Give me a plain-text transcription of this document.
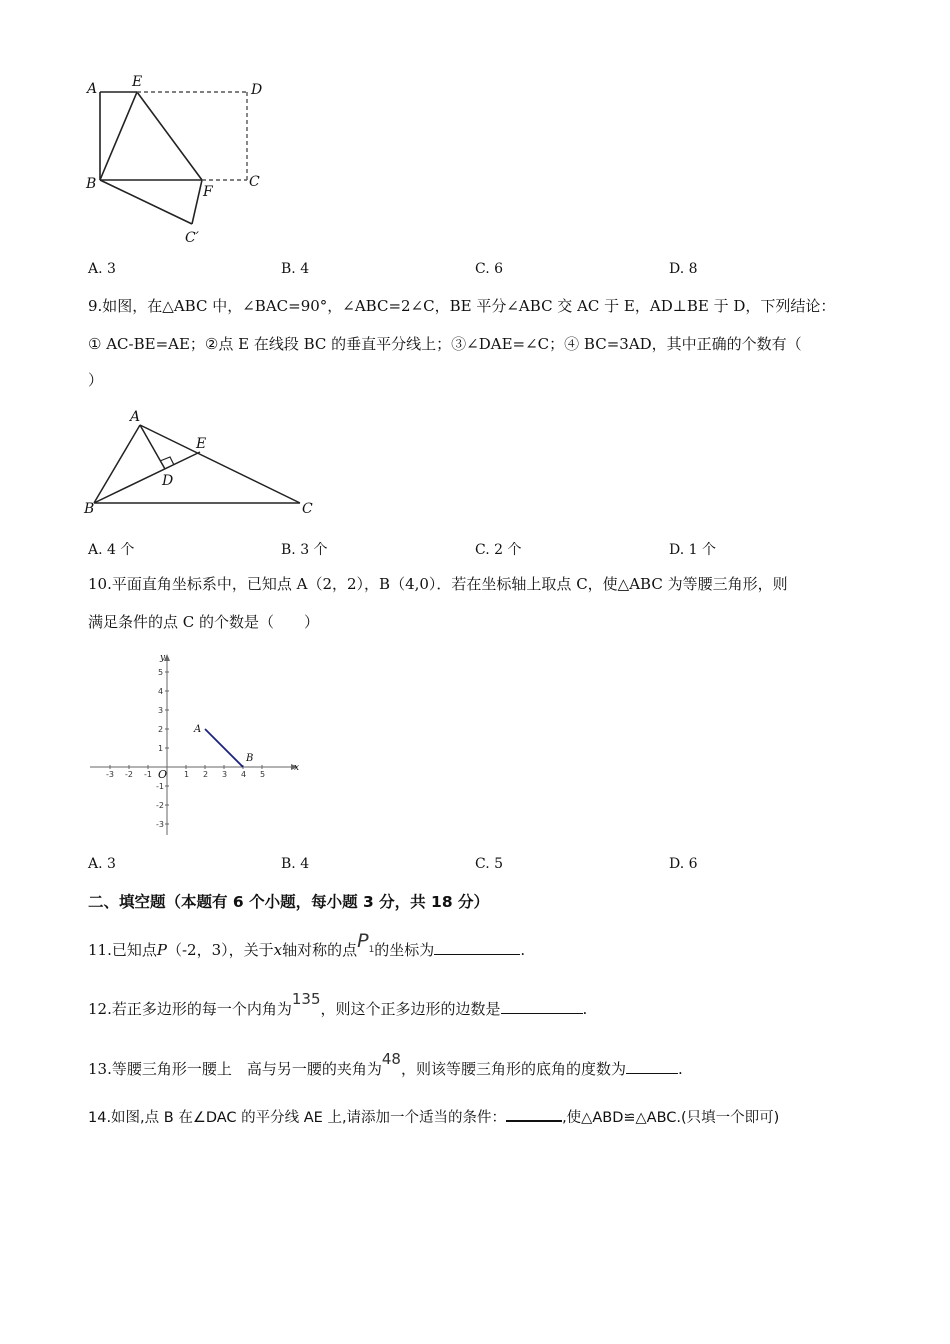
A E	D
B	F
C
C′
A. 3	B. 4	C. 6	D. 8
9.如图，在△ABC 中，∠BAC=90°，∠ABC=2∠C，BE 平分∠ABC 交 AC 于 E，AD⊥BE 于 D，下列结论：
① AC-BE=AE；②点 E 在线段 BC 的垂直平分线上；③∠DAE=∠C；④ BC=3AD，其中正确的个数有（
）
A
E
D
B	C
A. 4 个	B. 3 个	C. 2 个	D. 1 个
10.平面直角坐标系中，已知点 A（2，2），B（4,0）．若在坐标轴上取点 C，使△ABC 为等腰三角形，则
满足条件的点 C 的个数是（　　）
-3 -2 -1	1 2 3 4 5
5
4
3
2
1
-1
-2
-3
O	x
y
A
B
A. 3	B. 4	C. 5	D. 6
二、填空题（本题有 6 个小题，每小题 3 分，共 18 分）
11.已知点P（-2，3），关于x轴对称的点$P_1$的坐标为	.
12.若正多边形的每一个内角为135，则这个正多边形的边数是	.
13.等腰三角形一腰上　高与另一腰的夹角为48，则该等腰三角形的底角的度数为	.
14.如图,点 B 在∠DAC 的平分线 AE 上,请添加一个适当的条件：	,使△ABD≌△ABC.(只填一个即可)
